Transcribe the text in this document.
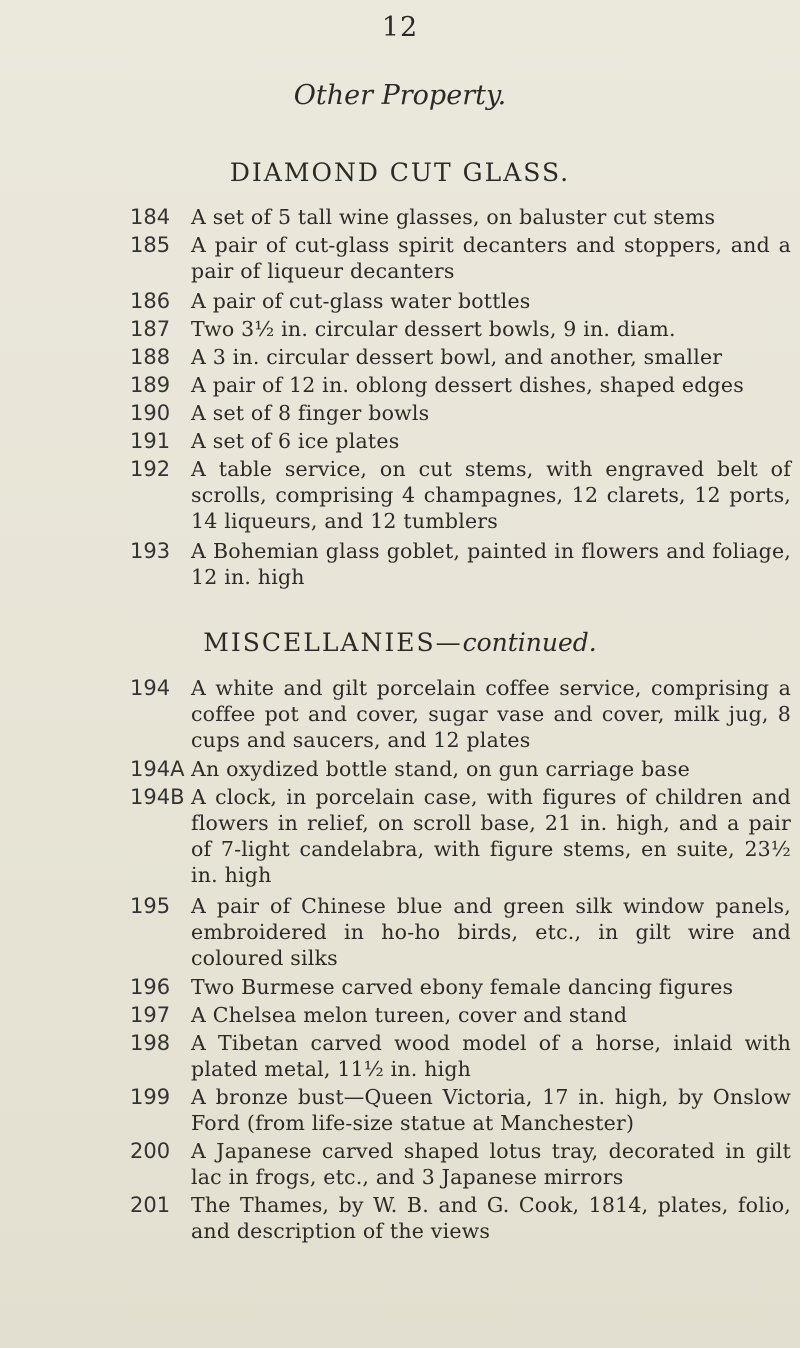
12
Other Property.
DIAMOND CUT GLASS.
184	A set of 5 tall wine glasses, on baluster cut stems
185	A pair of cut-glass spirit decanters and stoppers, and a pair of liqueur decanters
186	A pair of cut-glass water bottles
187	Two 3½ in. circular dessert bowls, 9 in. diam.
188	A 3 in. circular dessert bowl, and another, smaller
189	A pair of 12 in. oblong dessert dishes, shaped edges
190	A set of 8 finger bowls
191	A set of 6 ice plates
192	A table service, on cut stems, with engraved belt of scrolls, comprising 4 champagnes, 12 clarets, 12 ports, 14 liqueurs, and 12 tumblers
193	A Bohemian glass goblet, painted in flowers and foliage, 12 in. high
MISCELLANIES—continued.
194	A white and gilt porcelain coffee service, comprising a coffee pot and cover, sugar vase and cover, milk jug, 8 cups and saucers, and 12 plates
194A An oxydized bottle stand, on gun carriage base
194B A clock, in porcelain case, with figures of children and flowers in relief, on scroll base, 21 in. high, and a pair of 7-light candelabra, with figure stems, en suite, 23½ in. high
195	A pair of Chinese blue and green silk window panels, embroidered in ho-ho birds, etc., in gilt wire and coloured silks
196	Two Burmese carved ebony female dancing figures
197	A Chelsea melon tureen, cover and stand
198	A Tibetan carved wood model of a horse, inlaid with plated metal, 11½ in. high
199	A bronze bust—Queen Victoria, 17 in. high, by Onslow Ford (from life-size statue at Manchester)
200	A Japanese carved shaped lotus tray, decorated in gilt lac in frogs, etc., and 3 Japanese mirrors
201	The Thames, by W. B. and G. Cook, 1814, plates, folio, and description of the views
